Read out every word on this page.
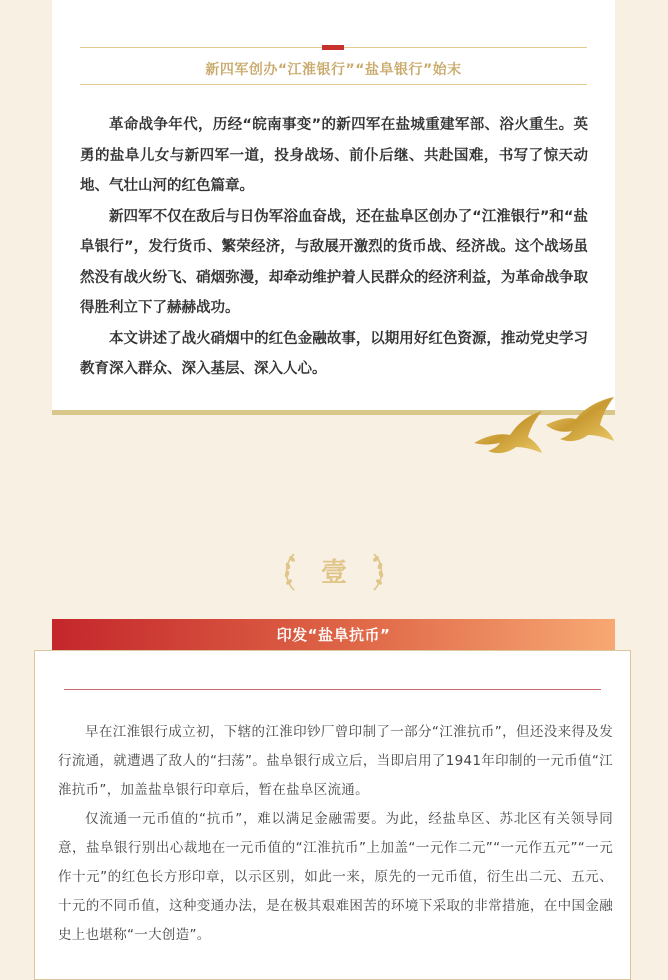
新四军创办“江淮银行”“盐阜银行”始末

革命战争年代，历经“皖南事变”的新四军在盐城重建军部、浴火重生。英勇的盐阜儿女与新四军一道，投身战场、前仆后继、共赴国难，书写了惊天动地、气壮山河的红色篇章。

新四军不仅在敌后与日伪军浴血奋战，还在盐阜区创办了“江淮银行”和“盐阜银行”，发行货币、繁荣经济，与敌展开激烈的货币战、经济战。这个战场虽然没有战火纷飞、硝烟弥漫，却牵动维护着人民群众的经济利益，为革命战争取得胜利立下了赫赫战功。

本文讲述了战火硝烟中的红色金融故事，以期用好红色资源，推动党史学习教育深入群众、深入基层、深入人心。

壹
印发“盐阜抗币”

早在江淮银行成立初，下辖的江淮印钞厂曾印制了一部分“江淮抗币”，但还没来得及发行流通，就遭遇了敌人的“扫荡”。盐阜银行成立后，当即启用了1941年印制的一元币值“江淮抗币”，加盖盐阜银行印章后，暂在盐阜区流通。

仅流通一元币值的“抗币”，难以满足金融需要。为此，经盐阜区、苏北区有关领导同意，盐阜银行别出心裁地在一元币值的“江淮抗币”上加盖“一元作二元”“一元作五元”“一元作十元”的红色长方形印章，以示区别，如此一来，原先的一元币值，衍生出二元、五元、十元的不同币值，这种变通办法，是在极其艰难困苦的环境下采取的非常措施，在中国金融史上也堪称“一大创造”。
